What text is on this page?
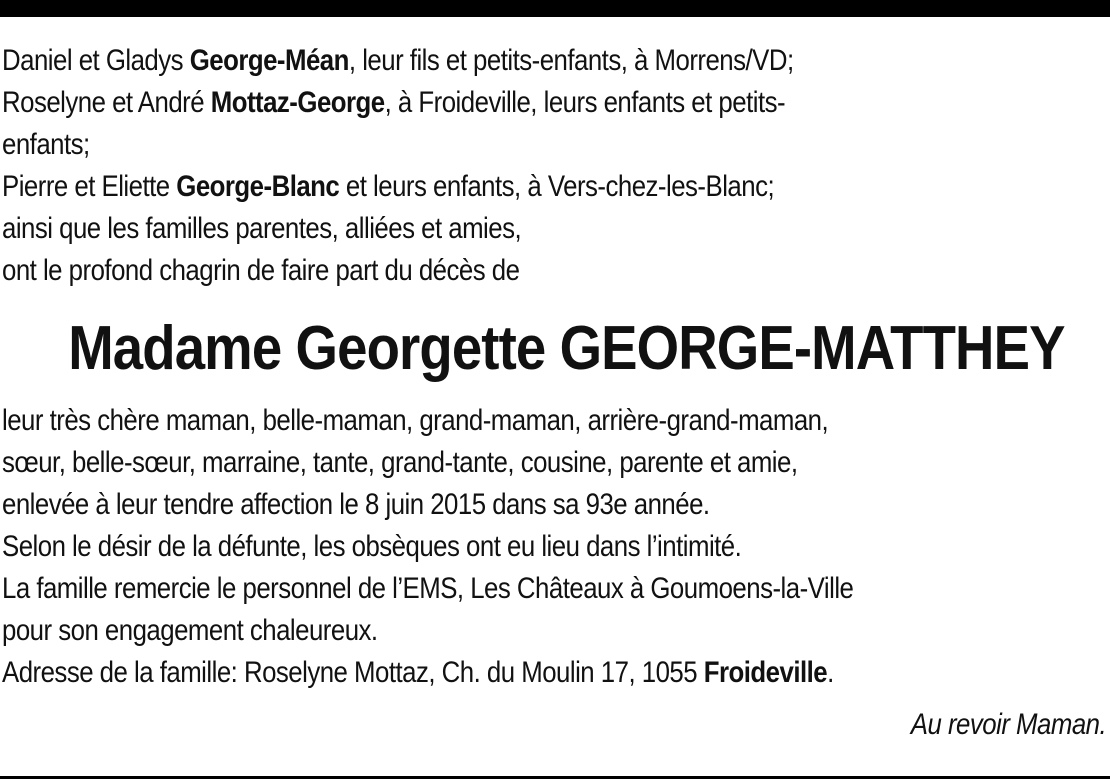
Daniel et Gladys George-Méan, leur fils et petits-enfants, à Morrens/VD;
Roselyne et André Mottaz-George, à Froideville, leurs enfants et petits-
enfants;
Pierre et Eliette George-Blanc et leurs enfants, à Vers-chez-les-Blanc;
ainsi que les familles parentes, alliées et amies,
ont le profond chagrin de faire part du décès de
Madame Georgette GEORGE-MATTHEY
leur très chère maman, belle-maman, grand-maman, arrière-grand-maman,
sœur, belle-sœur, marraine, tante, grand-tante, cousine, parente et amie,
enlevée à leur tendre affection le 8 juin 2015 dans sa 93e année.
Selon le désir de la défunte, les obsèques ont eu lieu dans l’intimité.
La famille remercie le personnel de l’EMS, Les Châteaux à Goumoens-la-Ville
pour son engagement chaleureux.
Adresse de la famille: Roselyne Mottaz, Ch. du Moulin 17, 1055 Froideville.
Au revoir Maman.
